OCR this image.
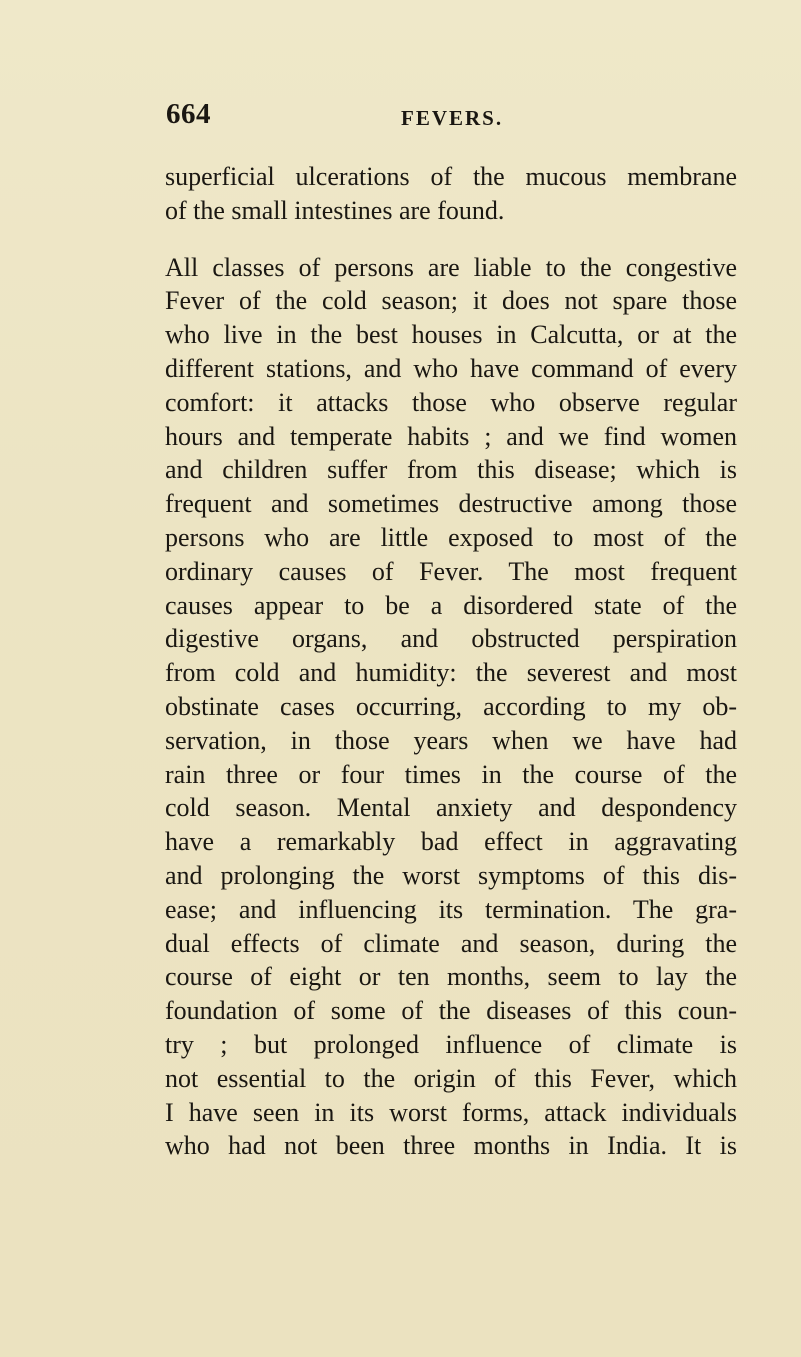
664	FEVERS.
superficial ulcerations of the mucous membrane
of the small intestines are found.
All classes of persons are liable to the congestive
Fever of the cold season; it does not spare those
who live in the best houses in Calcutta, or at the
different stations, and who have command of every
comfort: it attacks those who observe regular
hours and temperate habits ; and we find women
and children suffer from this disease; which is
frequent and sometimes destructive among those
persons who are little exposed to most of the
ordinary causes of Fever. The most frequent
causes appear to be a disordered state of the
digestive organs, and obstructed perspiration
from cold and humidity: the severest and most
obstinate cases occurring, according to my ob-
servation, in those years when we have had
rain three or four times in the course of the
cold season. Mental anxiety and despondency
have a remarkably bad effect in aggravating
and prolonging the worst symptoms of this dis-
ease; and influencing its termination. The gra-
dual effects of climate and season, during the
course of eight or ten months, seem to lay the
foundation of some of the diseases of this coun-
try ; but prolonged influence of climate is
not essential to the origin of this Fever, which
I have seen in its worst forms, attack individuals
who had not been three months in India. It is
